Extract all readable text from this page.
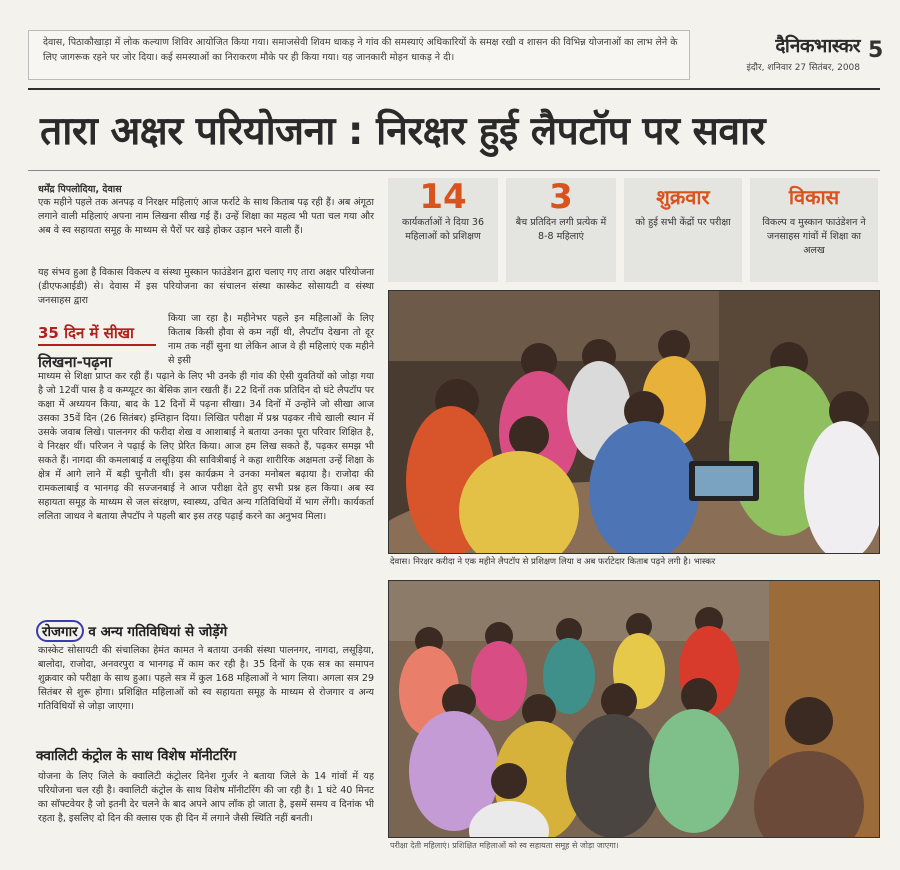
देवास, पिठाकौखाड़ा में लोक कल्याण शिविर आयोजित किया गया। समाजसेवी शिवम धाकड़ ने गांव की समस्याएं अधिकारियों के समक्ष रखी व शासन की विभिन्न योजनाओं का लाभ लेने के लिए जागरूक रहने पर जोर दिया। कई समस्याओं का निराकरण मौके पर ही किया गया। यह जानकारी मोहन धाकड़ ने दी।
दैनिकभास्कर
इंदौर, शनिवार 27 सितंबर, 2008
5
तारा अक्षर परियोजना : निरक्षर हुई लैपटॉप पर सवार
धर्मेंद्र पिपलोदिया, देवास
एक महीने पहले तक अनपढ़ व निरक्षर महिलाएं आज फर्राटे के साथ किताब पढ़ रही हैं। अब अंगूठा लगाने वाली महिलाएं अपना नाम लिखना सीख गई हैं। उन्हें शिक्षा का महत्व भी पता चल गया और अब वे स्व सहायता समूह के माध्यम से पैरों पर खड़े होकर उड़ान भरने वाली हैं।
यह संभव हुआ है विकास विकल्प व संस्था मुस्कान फाउंडेशन द्वारा चलाए गए तारा अक्षर परियोजना (डीएफआईडी) से। देवास में इस परियोजना का संचालन संस्था कास्केट सोसायटी व संस्था जनसाहस द्वारा
35 दिन में सीखा
लिखना-पढ़ना
किया जा रहा है। महीनेभर पहले इन महिलाओं के लिए किताब किसी हौवा से कम नहीं थी, लैपटॉप देखना तो दूर नाम तक नहीं सुना था लेकिन आज वे ही महिलाएं एक महीने से इसी
माध्यम से शिक्षा प्राप्त कर रही हैं। पढ़ाने के लिए भी उनके ही गांव की ऐसी युवतियों को जोड़ा गया है जो 12वीं पास है व कम्प्यूटर का बेसिक ज्ञान रखती हैं। 22 दिनों तक प्रतिदिन दो घंटे लैपटॉप पर कक्षा में अध्ययन किया, बाद के 12 दिनों में पढ़ना सीखा। 34 दिनों में उन्होंने जो सीखा आज उसका 35वें दिन (26 सितंबर) इम्तिहान दिया। लिखित परीक्षा में प्रश्न पढ़कर नीचे खाली स्थान में उसके जवाब लिखे। पालनगर की फरीदा शेख व आशाबाई ने बताया उनका पूरा परिवार शिक्षित है, वे निरक्षर थीं। परिजन ने पढ़ाई के लिए प्रेरित किया। आज हम लिख सकते हैं, पढ़कर समझ भी सकते हैं। नागदा की कमलाबाई व लसूड़िया की सावित्रीबाई ने कहा शारीरिक अक्षमता उन्हें शिक्षा के क्षेत्र में आगे लाने में बड़ी चुनौती थी। इस कार्यक्रम ने उनका मनोबल बढ़ाया है। राजोदा की रामकलाबाई व भानगढ़ की सज्जनबाई ने आज परीक्षा देते हुए सभी प्रश्न हल किया। अब स्व सहायता समूह के माध्यम से जल संरक्षण, स्वास्थ्य, उचित अन्य गतिविधियों में भाग लेंगी। कार्यकर्ता ललिता जाधव ने बताया लैपटॉप ने पहली बार इस तरह पढ़ाई करने का अनुभव मिला।
रोजगार व अन्य गतिविधियां से जोड़ेंगे
कास्केट सोसायटी की संचालिका हेमंत कामत ने बताया उनकी संस्था पालनगर, नागदा, लसूड़िया, बालोदा, राजोदा, अनवरपुरा व भानगढ़ में काम कर रही है। 35 दिनों के एक सत्र का समापन शुक्रवार को परीक्षा के साथ हुआ। पहले सत्र में कुल 168 महिलाओं ने भाग लिया। अगला सत्र 29 सितंबर से शुरू होगा। प्रशिक्षित महिलाओं को स्व सहायता समूह के माध्यम से रोजगार व अन्य गतिविधियों से जोड़ा जाएगा।
क्वालिटी कंट्रोल के साथ विशेष मॉनीटरिंग
योजना के लिए जिले के क्वालिटी कंट्रोलर दिनेश गुर्जर ने बताया जिले के 14 गांवों में यह परियोजना चल रही है। क्वालिटी कंट्रोल के साथ विशेष मॉनीटरिंग की जा रही है। 1 घंटे 40 मिनट का सॉफ्टवेयर है जो इतनी देर चलने के बाद अपने आप लॉक हो जाता है, इसमें समय व दिनांक भी रहता है, इसलिए दो दिन की क्लास एक ही दिन में लगाने जैसी स्थिति नहीं बनती।
14
कार्यकर्ताओं ने दिया 36 महिलाओं को प्रशिक्षण
3
बैच प्रतिदिन लगी प्रत्येक में 8-8 महिलाएं
शुक्रवार
को हुई सभी केंद्रों पर परीक्षा
विकास
विकल्प व मुस्कान फाउंडेशन ने जनसाहस गांवों में शिक्षा का अलख
देवास। निरक्षर करीदा ने एक महीने लैपटॉप से प्रशिक्षण लिया व अब फर्राटेदार किताब पढ़ने लगी है। भास्कर
परीक्षा देती महिलाएं। प्रशिक्षित महिलाओं को स्व सहायता समूह से जोड़ा जाएगा।
